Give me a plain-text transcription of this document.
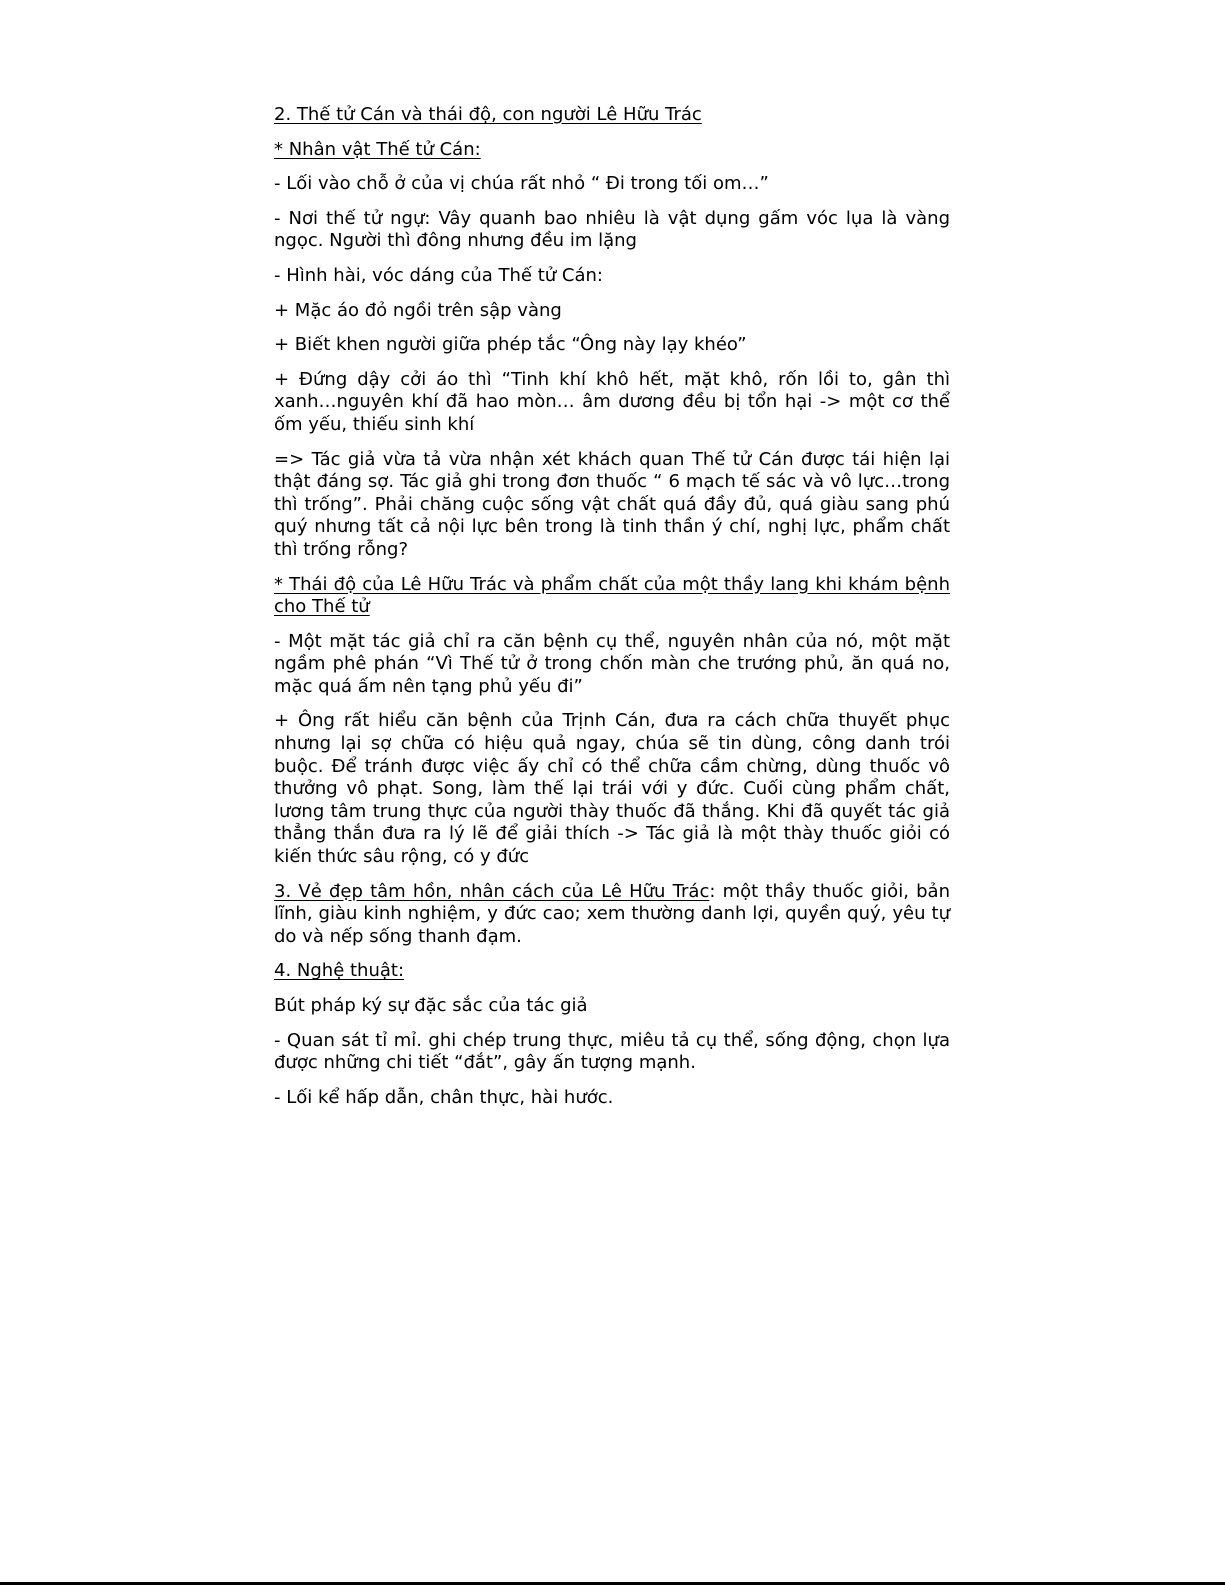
2. Thế tử Cán và thái độ, con người Lê Hữu Trác

* Nhân vật Thế tử Cán:

- Lối vào chỗ ở của vị chúa rất nhỏ “ Đi trong tối om…”

- Nơi thế tử ngự: Vây quanh bao nhiêu là vật dụng gấm vóc lụa là vàng ngọc. Người thì đông nhưng đều im lặng

- Hình hài, vóc dáng của Thế tử Cán:

+ Mặc áo đỏ ngồi trên sập vàng

+ Biết khen người giữa phép tắc “Ông này lạy khéo”

+ Đứng dậy cởi áo thì “Tinh khí khô hết, mặt khô, rốn lồi to, gân thì xanh…nguyên khí đã hao mòn… âm dương đều bị tổn hại -> một cơ thể ốm yếu, thiếu sinh khí

=> Tác giả vừa tả vừa nhận xét khách quan Thế tử Cán được tái hiện lại thật đáng sợ. Tác giả ghi trong đơn thuốc “ 6 mạch tế sác và vô lực…trong thì trống”. Phải chăng cuộc sống vật chất quá đầy đủ, quá giàu sang phú quý nhưng tất cả nội lực bên trong là tinh thần ý chí, nghị lực, phẩm chất thì trống rỗng?

* Thái độ của Lê Hữu Trác và phẩm chất của một thầy lang khi khám bệnh cho Thế tử

- Một mặt tác giả chỉ ra căn bệnh cụ thể, nguyên nhân của nó, một mặt ngầm phê phán “Vì Thế tử ở trong chốn màn che trướng phủ, ăn quá no, mặc quá ấm nên tạng phủ yếu đi”

+ Ông rất hiểu căn bệnh của Trịnh Cán, đưa ra cách chữa thuyết phục nhưng lại sợ chữa có hiệu quả ngay, chúa sẽ tin dùng, công danh trói buộc. Để tránh được việc ấy chỉ có thể chữa cầm chừng, dùng thuốc vô thưởng vô phạt. Song, làm thế lại trái với y đức. Cuối cùng phẩm chất, lương tâm trung thực của người thày thuốc đã thắng. Khi đã quyết tác giả thẳng thắn đưa ra lý lẽ để giải thích -> Tác giả là một thày thuốc giỏi có kiến thức sâu rộng, có y đức

3. Vẻ đẹp tâm hồn, nhân cách của Lê Hữu Trác: một thầy thuốc giỏi, bản lĩnh, giàu kinh nghiệm, y đức cao; xem thường danh lợi, quyền quý, yêu tự do và nếp sống thanh đạm.

4. Nghệ thuật:

Bút pháp ký sự đặc sắc của tác giả

- Quan sát tỉ mỉ. ghi chép trung thực, miêu tả cụ thể, sống động, chọn lựa được những chi tiết “đắt”, gây ấn tượng mạnh.

- Lối kể hấp dẫn, chân thực, hài hước.
